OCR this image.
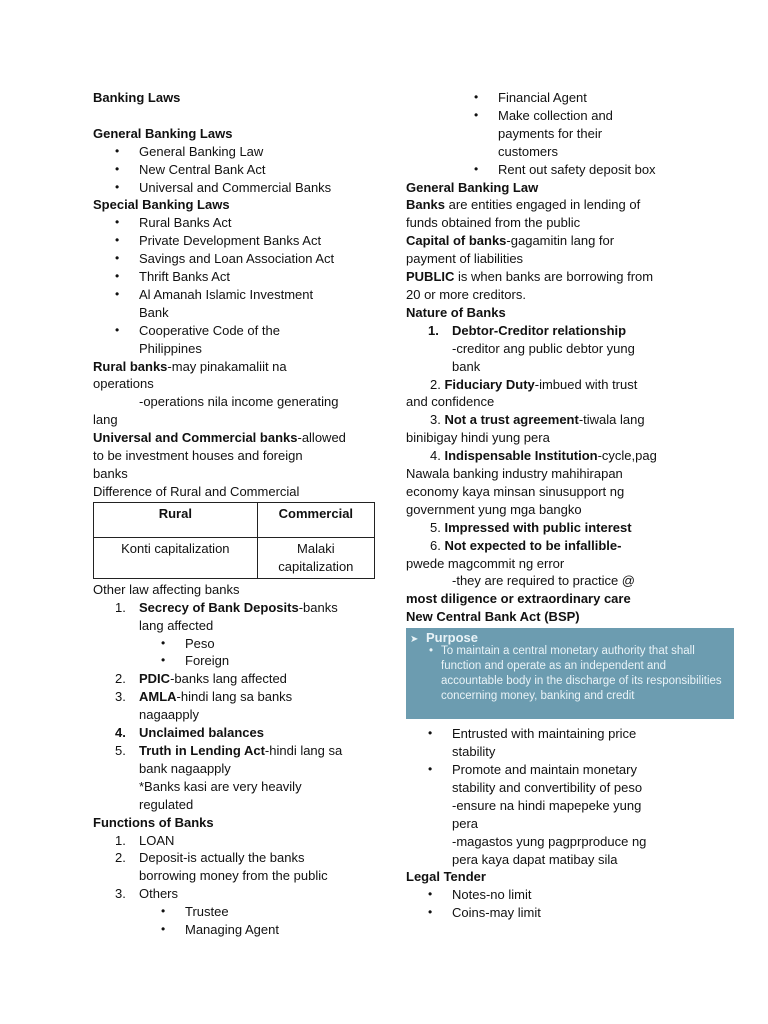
Banking Laws
General Banking Laws
• General Banking Law
• New Central Bank Act
• Universal and Commercial Banks
Special Banking Laws
• Rural Banks Act
• Private Development Banks Act
• Savings and Loan Association Act
• Thrift Banks Act
• Al Amanah Islamic Investment
Bank
• Cooperative Code of the
Philippines
Rural banks-may pinakamaliit na
operations
-operations nila income generating
lang
Universal and Commercial banks-allowed
to be investment houses and foreign
banks
Difference of Rural and Commercial
Rural	Commercial
Konti capitalization	Malaki
capitalization
Other law affecting banks
1. Secrecy of Bank Deposits-banks
lang affected
• Peso
• Foreign
2. PDIC-banks lang affected
3. AMLA-hindi lang sa banks
nagaapply
4. Unclaimed balances
5. Truth in Lending Act-hindi lang sa
bank nagaapply
*Banks kasi are very heavily
regulated
Functions of Banks
1. LOAN
2. Deposit-is actually the banks
borrowing money from the public
3. Others
• Trustee
• Managing Agent
• Financial Agent
• Make collection and
payments for their
customers
• Rent out safety deposit box
General Banking Law
Banks are entities engaged in lending of
funds obtained from the public
Capital of banks-gagamitin lang for
payment of liabilities
PUBLIC is when banks are borrowing from
20 or more creditors.
Nature of Banks
1. Debtor-Creditor relationship
-creditor ang public debtor yung
bank
2. Fiduciary Duty-imbued with trust
and confidence
3. Not a trust agreement-tiwala lang
binibigay hindi yung pera
4. Indispensable Institution-cycle,pag
Nawala banking industry mahihirapan
economy kaya minsan sinusupport ng
government yung mga bangko
5. Impressed with public interest
6. Not expected to be infallible-
pwede magcommit ng error
-they are required to practice @
most diligence or extraordinary care
New Central Bank Act (BSP)
➤ Purpose
• To maintain a central monetary authority that shall function and operate as an independent and accountable body in the discharge of its responsibilities concerning money, banking and credit
• Entrusted with maintaining price
stability
• Promote and maintain monetary
stability and convertibility of peso
-ensure na hindi mapepeke yung
pera
-magastos yung pagprproduce ng
pera kaya dapat matibay sila
Legal Tender
• Notes-no limit
• Coins-may limit
